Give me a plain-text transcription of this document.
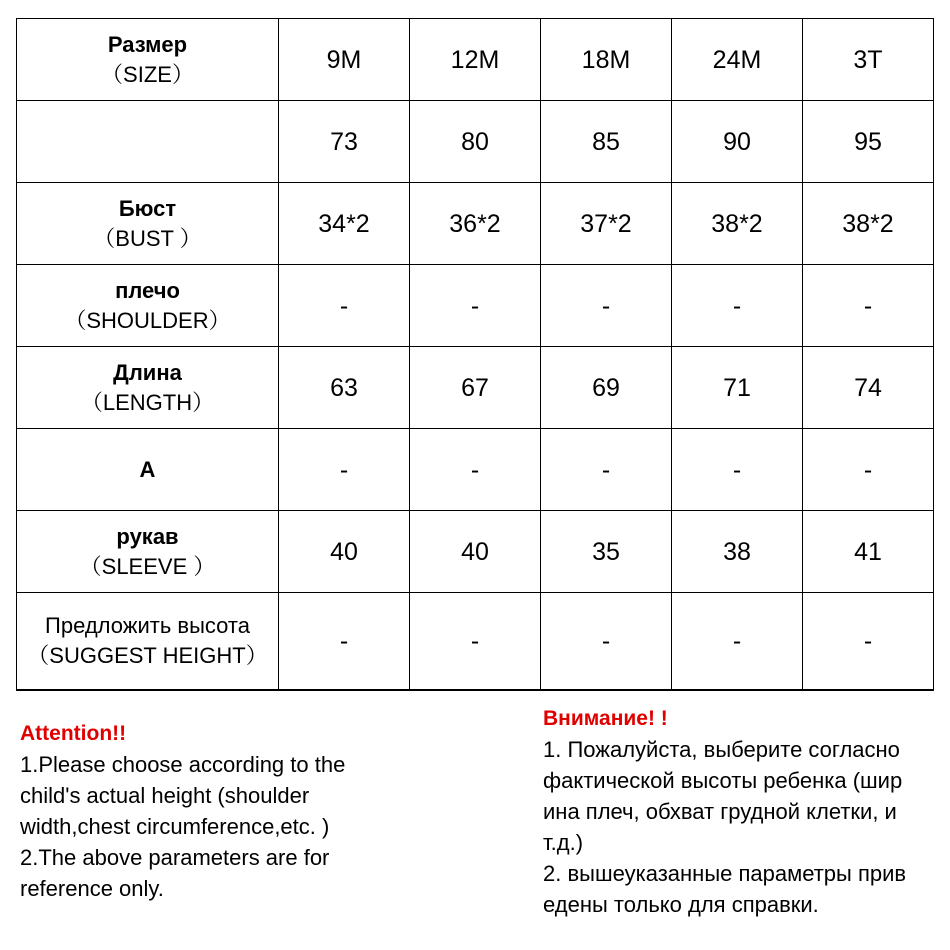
Размер
（SIZE）	9M	12M	18M	24M	3T
	73	80	85	90	95

Бюст
（BUST ）	34*2	36*2	37*2	38*2	38*2

плечо
（SHOULDER）	-	-	-	-	-

Длина
（LENGTH）	63	67	69	71	74

A	-	-	-	-	-

рукав
（SLEEVE ）	40	40	35	38	41

Предложить высота
（SUGGEST HEIGHT）	-	-	-	-	-
Attention!!
1.Please choose according to the
child's actual height (shoulder
width,chest circumference,etc. )
2.The above parameters are for
reference only.
Внимание! !
1. Пожалуйста, выберите согласно
фактической высоты ребенка (шир
ина плеч, обхват грудной клетки, и
т.д.)
2. вышеуказанные параметры прив
едены только для справки.
